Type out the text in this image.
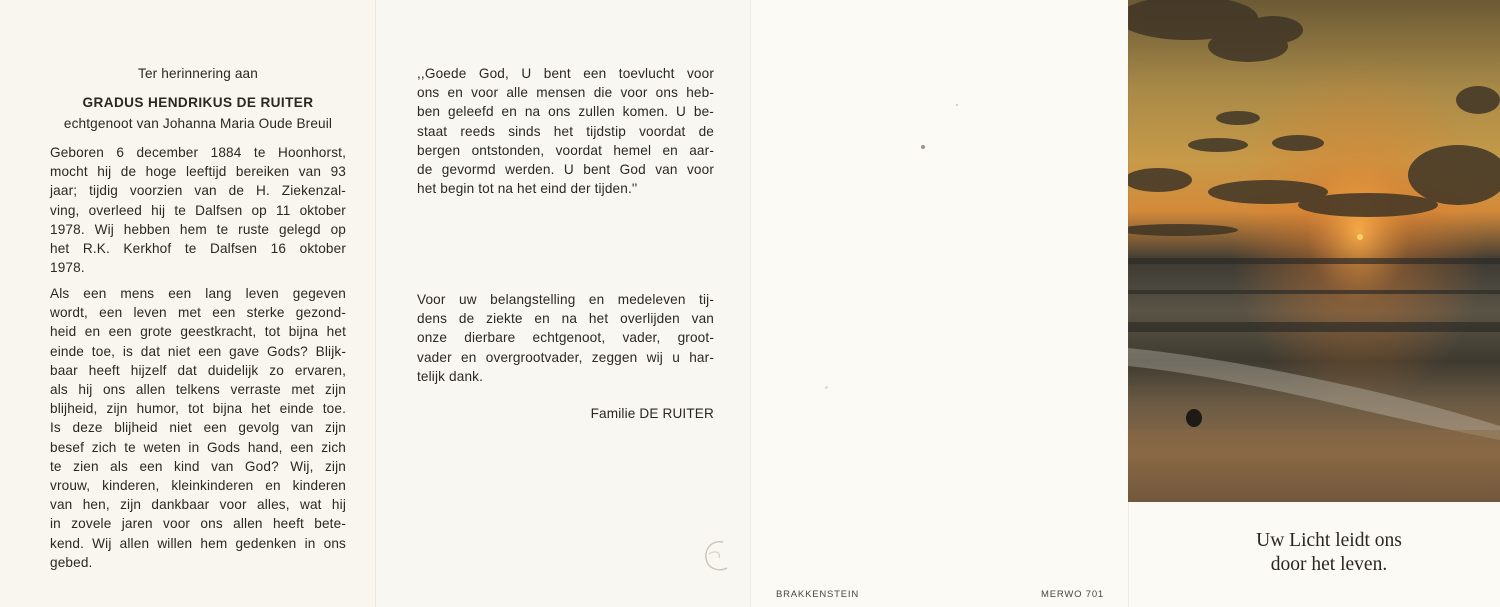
Ter herinnering aan
GRADUS HENDRIKUS DE RUITER
echtgenoot van Johanna Maria Oude Breuil
Geboren 6 december 1884 te Hoonhorst,
mocht hij de hoge leeftijd bereiken van 93
jaar; tijdig voorzien van de H. Ziekenzal-
ving, overleed hij te Dalfsen op 11 oktober
1978. Wij hebben hem te ruste gelegd op
het R.K. Kerkhof te Dalfsen 16 oktober
1978.
Als een mens een lang leven gegeven
wordt, een leven met een sterke gezond-
heid en een grote geestkracht, tot bijna het
einde toe, is dat niet een gave Gods? Blijk-
baar heeft hijzelf dat duidelijk zo ervaren,
als hij ons allen telkens verraste met zijn
blijheid, zijn humor, tot bijna het einde toe.
Is deze blijheid niet een gevolg van zijn
besef zich te weten in Gods hand, een zich
te zien als een kind van God? Wij, zijn
vrouw, kinderen, kleinkinderen en kinderen
van hen, zijn dankbaar voor alles, wat hij
in zovele jaren voor ons allen heeft bete-
kend. Wij allen willen hem gedenken in ons
gebed.
,,Goede God, U bent een toevlucht voor
ons en voor alle mensen die voor ons heb-
ben geleefd en na ons zullen komen. U be-
staat reeds sinds het tijdstip voordat de
bergen ontstonden, voordat hemel en aar-
de gevormd werden. U bent God van voor
het begin tot na het eind der tijden.''
Voor uw belangstelling en medeleven tij-
dens de ziekte en na het overlijden van
onze dierbare echtgenoot, vader, groot-
vader en overgrootvader, zeggen wij u har-
telijk dank.
Familie DE RUITER
BRAKKENSTEIN	MERWO 701
Uw Licht leidt ons
door het leven.
